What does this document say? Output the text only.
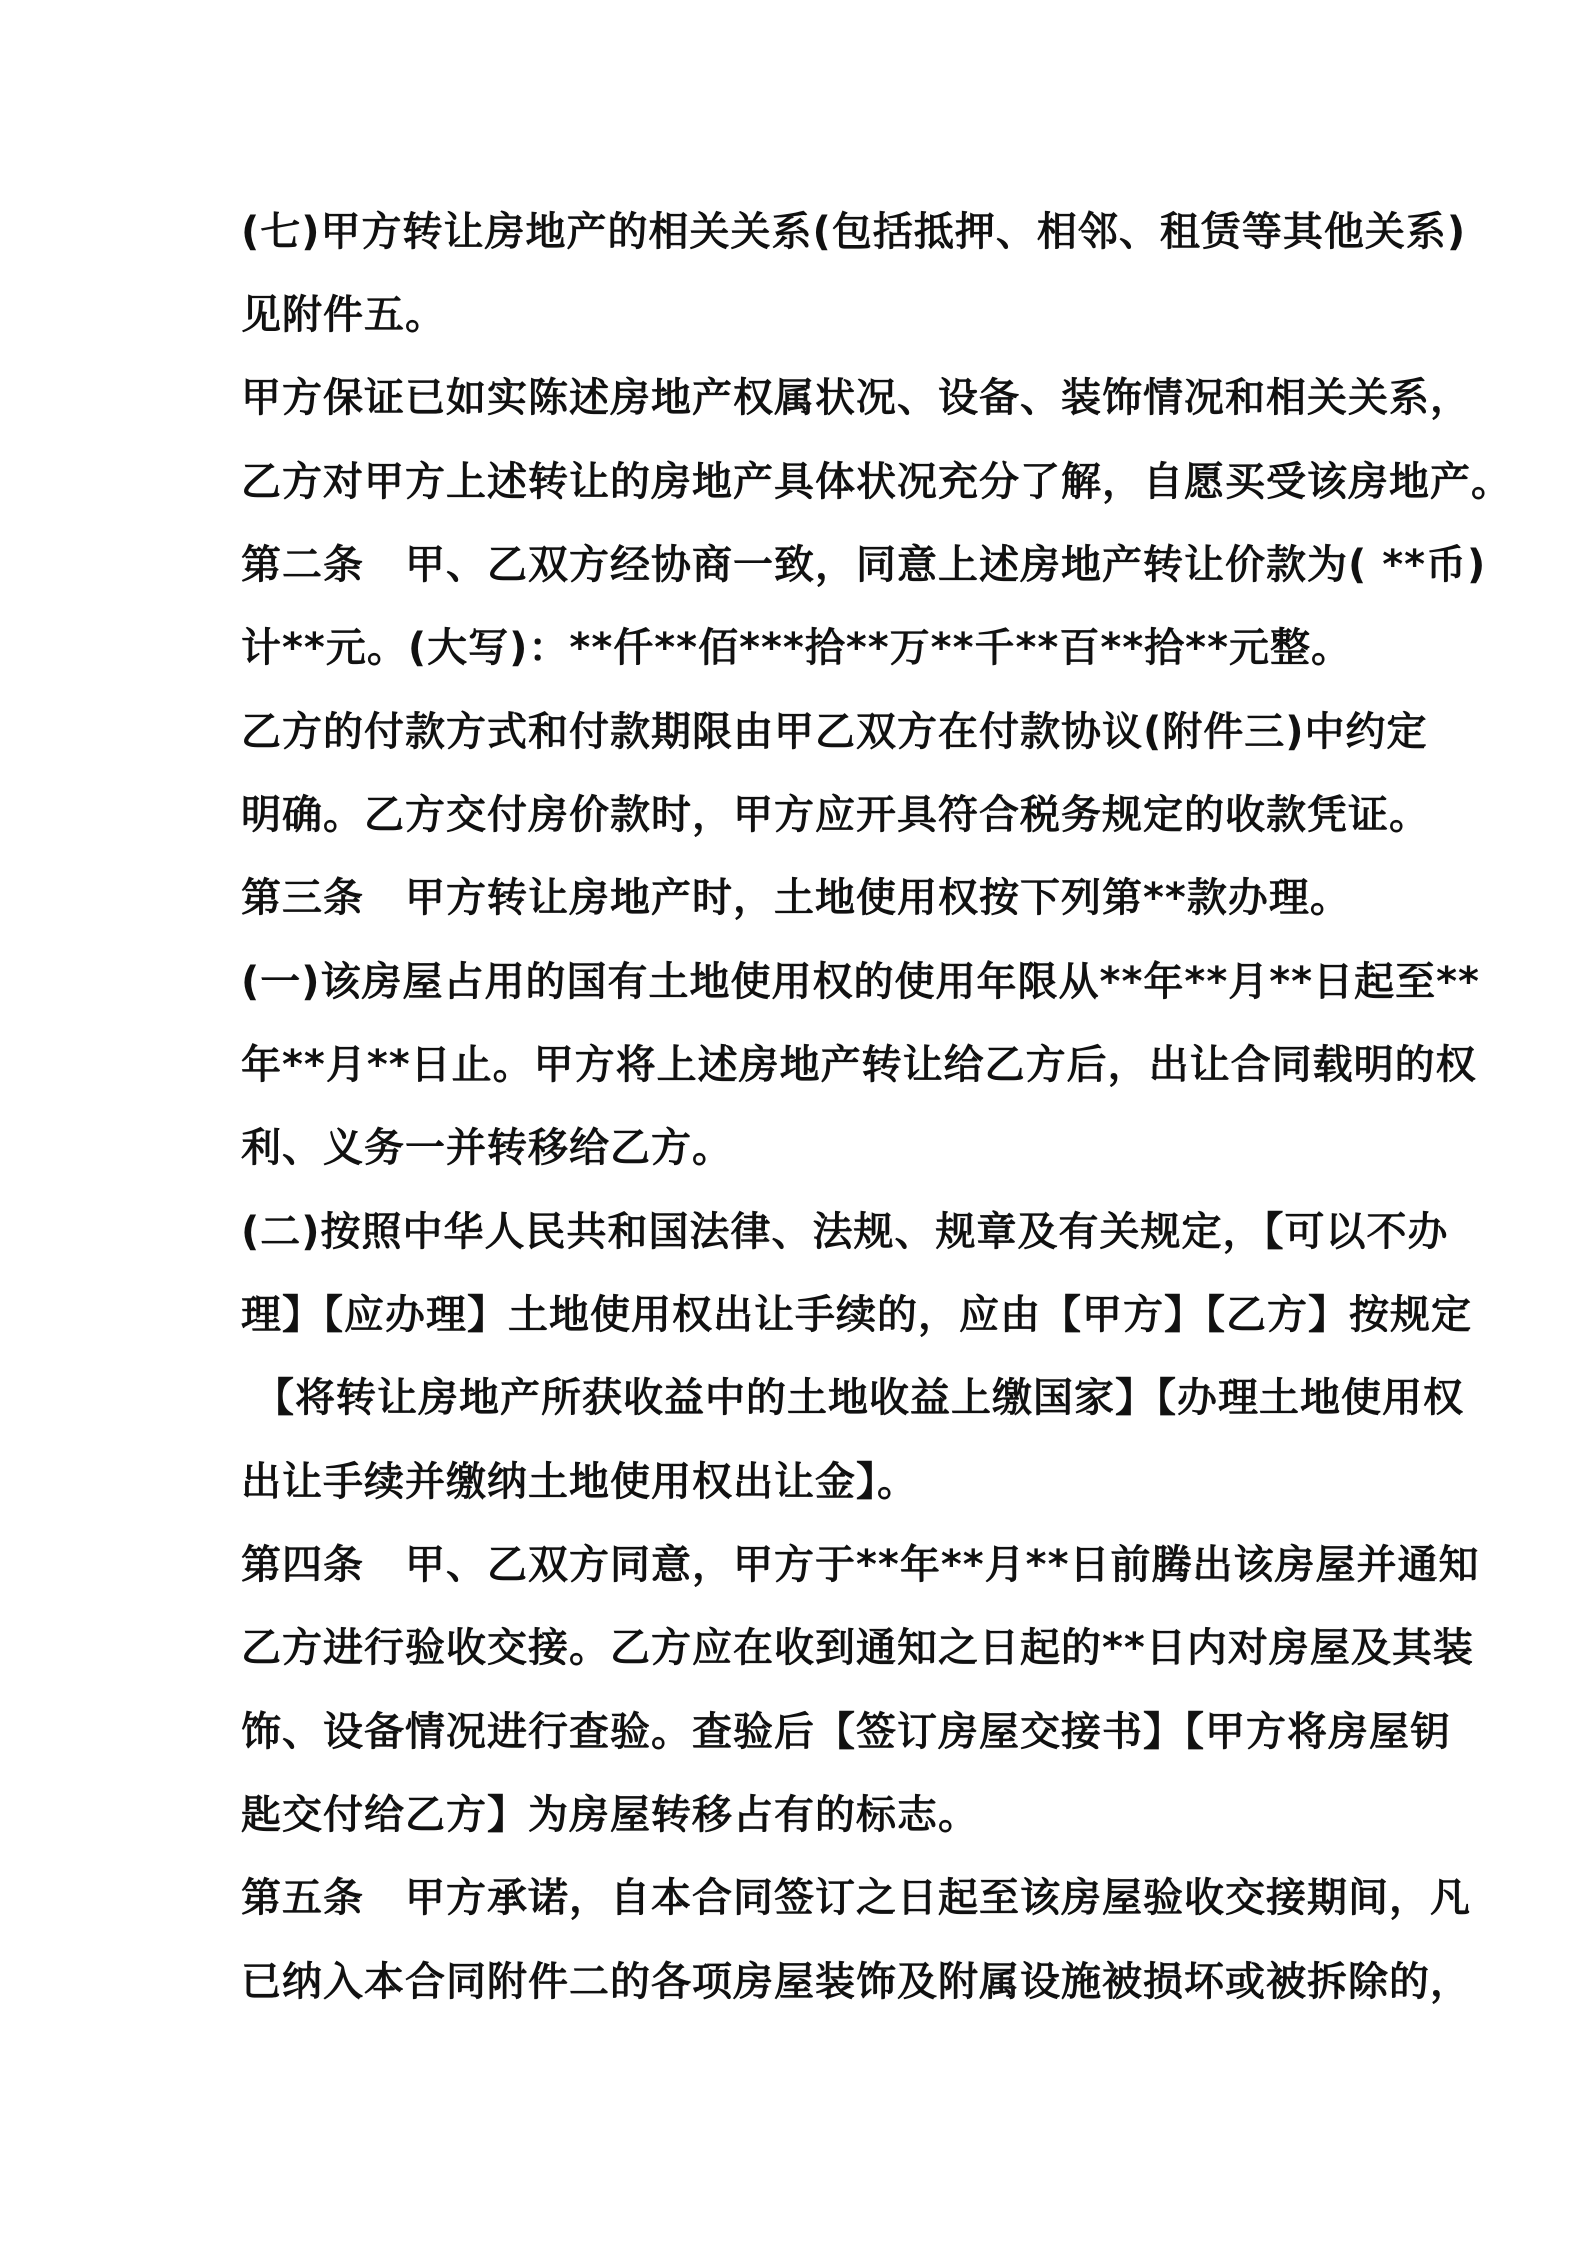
(七)甲方转让房地产的相关关系(包括抵押、相邻、租赁等其他关系)
见附件五。
甲方保证已如实陈述房地产权属状况、设备、装饰情况和相关关系，
乙方对甲方上述转让的房地产具体状况充分了解，自愿买受该房地产。
第二条　甲、乙双方经协商一致，同意上述房地产转让价款为( **币)
计**元。(大写)：**仟**佰***拾**万**千**百**拾**元整。
乙方的付款方式和付款期限由甲乙双方在付款协议(附件三)中约定
明确。乙方交付房价款时，甲方应开具符合税务规定的收款凭证。
第三条　甲方转让房地产时，土地使用权按下列第**款办理。
(一)该房屋占用的国有土地使用权的使用年限从**年**月**日起至**
年**月**日止。甲方将上述房地产转让给乙方后，出让合同载明的权
利、义务一并转移给乙方。
(二)按照中华人民共和国法律、法规、规章及有关规定，【可以不办
理】【应办理】土地使用权出让手续的，应由【甲方】【乙方】按规定
【将转让房地产所获收益中的土地收益上缴国家】【办理土地使用权
出让手续并缴纳土地使用权出让金】。
第四条　甲、乙双方同意，甲方于**年**月**日前腾出该房屋并通知
乙方进行验收交接。乙方应在收到通知之日起的**日内对房屋及其装
饰、设备情况进行查验。查验后【签订房屋交接书】【甲方将房屋钥
匙交付给乙方】为房屋转移占有的标志。
第五条　甲方承诺，自本合同签订之日起至该房屋验收交接期间，凡
已纳入本合同附件二的各项房屋装饰及附属设施被损坏或被拆除的，
